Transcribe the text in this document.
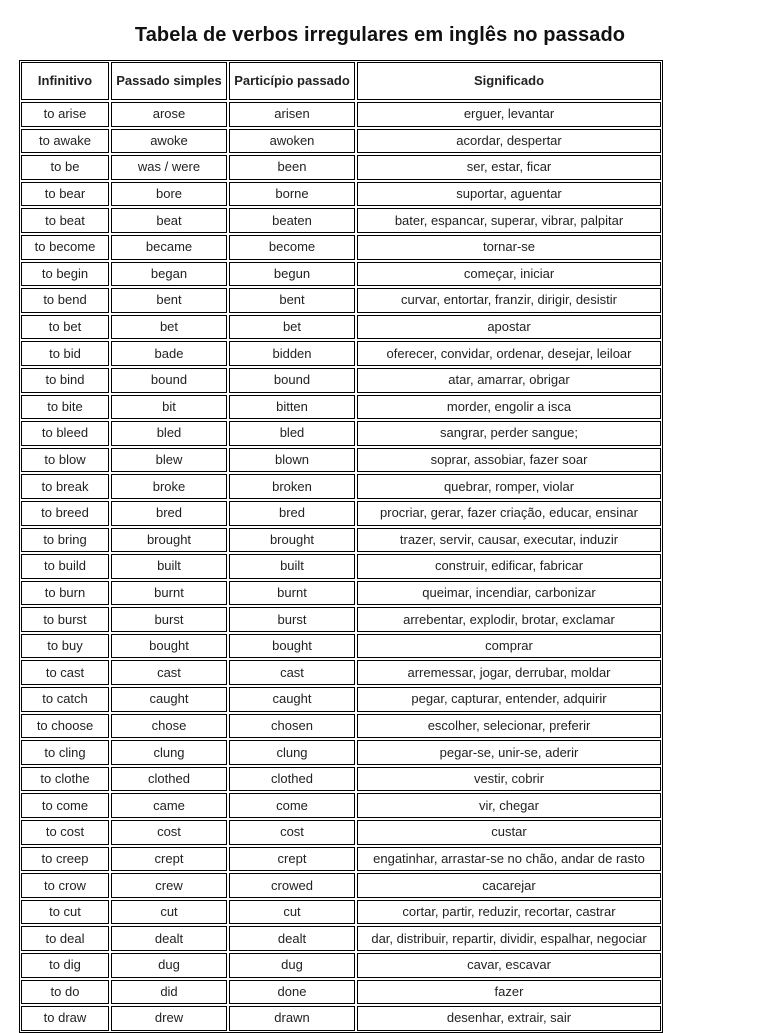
Tabela de verbos irregulares em inglês no passado
Infinitivo	Passado simples	Particípio passado	Significado
to arise	arose	arisen	erguer, levantar
to awake	awoke	awoken	acordar, despertar
to be	was / were	been	ser, estar, ficar
to bear	bore	borne	suportar, aguentar
to beat	beat	beaten	bater, espancar, superar, vibrar, palpitar
to become	became	become	tornar-se
to begin	began	begun	começar, iniciar
to bend	bent	bent	curvar, entortar, franzir, dirigir, desistir
to bet	bet	bet	apostar
to bid	bade	bidden	oferecer, convidar, ordenar, desejar, leiloar
to bind	bound	bound	atar, amarrar, obrigar
to bite	bit	bitten	morder, engolir a isca
to bleed	bled	bled	sangrar, perder sangue;
to blow	blew	blown	soprar, assobiar, fazer soar
to break	broke	broken	quebrar, romper, violar
to breed	bred	bred	procriar, gerar, fazer criação, educar, ensinar
to bring	brought	brought	trazer, servir, causar, executar, induzir
to build	built	built	construir, edificar, fabricar
to burn	burnt	burnt	queimar, incendiar, carbonizar
to burst	burst	burst	arrebentar, explodir, brotar, exclamar
to buy	bought	bought	comprar
to cast	cast	cast	arremessar, jogar, derrubar, moldar
to catch	caught	caught	pegar, capturar, entender, adquirir
to choose	chose	chosen	escolher, selecionar, preferir
to cling	clung	clung	pegar-se, unir-se, aderir
to clothe	clothed	clothed	vestir, cobrir
to come	came	come	vir, chegar
to cost	cost	cost	custar
to creep	crept	crept	engatinhar, arrastar-se no chão, andar de rasto
to crow	crew	crowed	cacarejar
to cut	cut	cut	cortar, partir, reduzir, recortar, castrar
to deal	dealt	dealt	dar, distribuir, repartir, dividir, espalhar, negociar
to dig	dug	dug	cavar, escavar
to do	did	done	fazer
to draw	drew	drawn	desenhar, extrair, sair
